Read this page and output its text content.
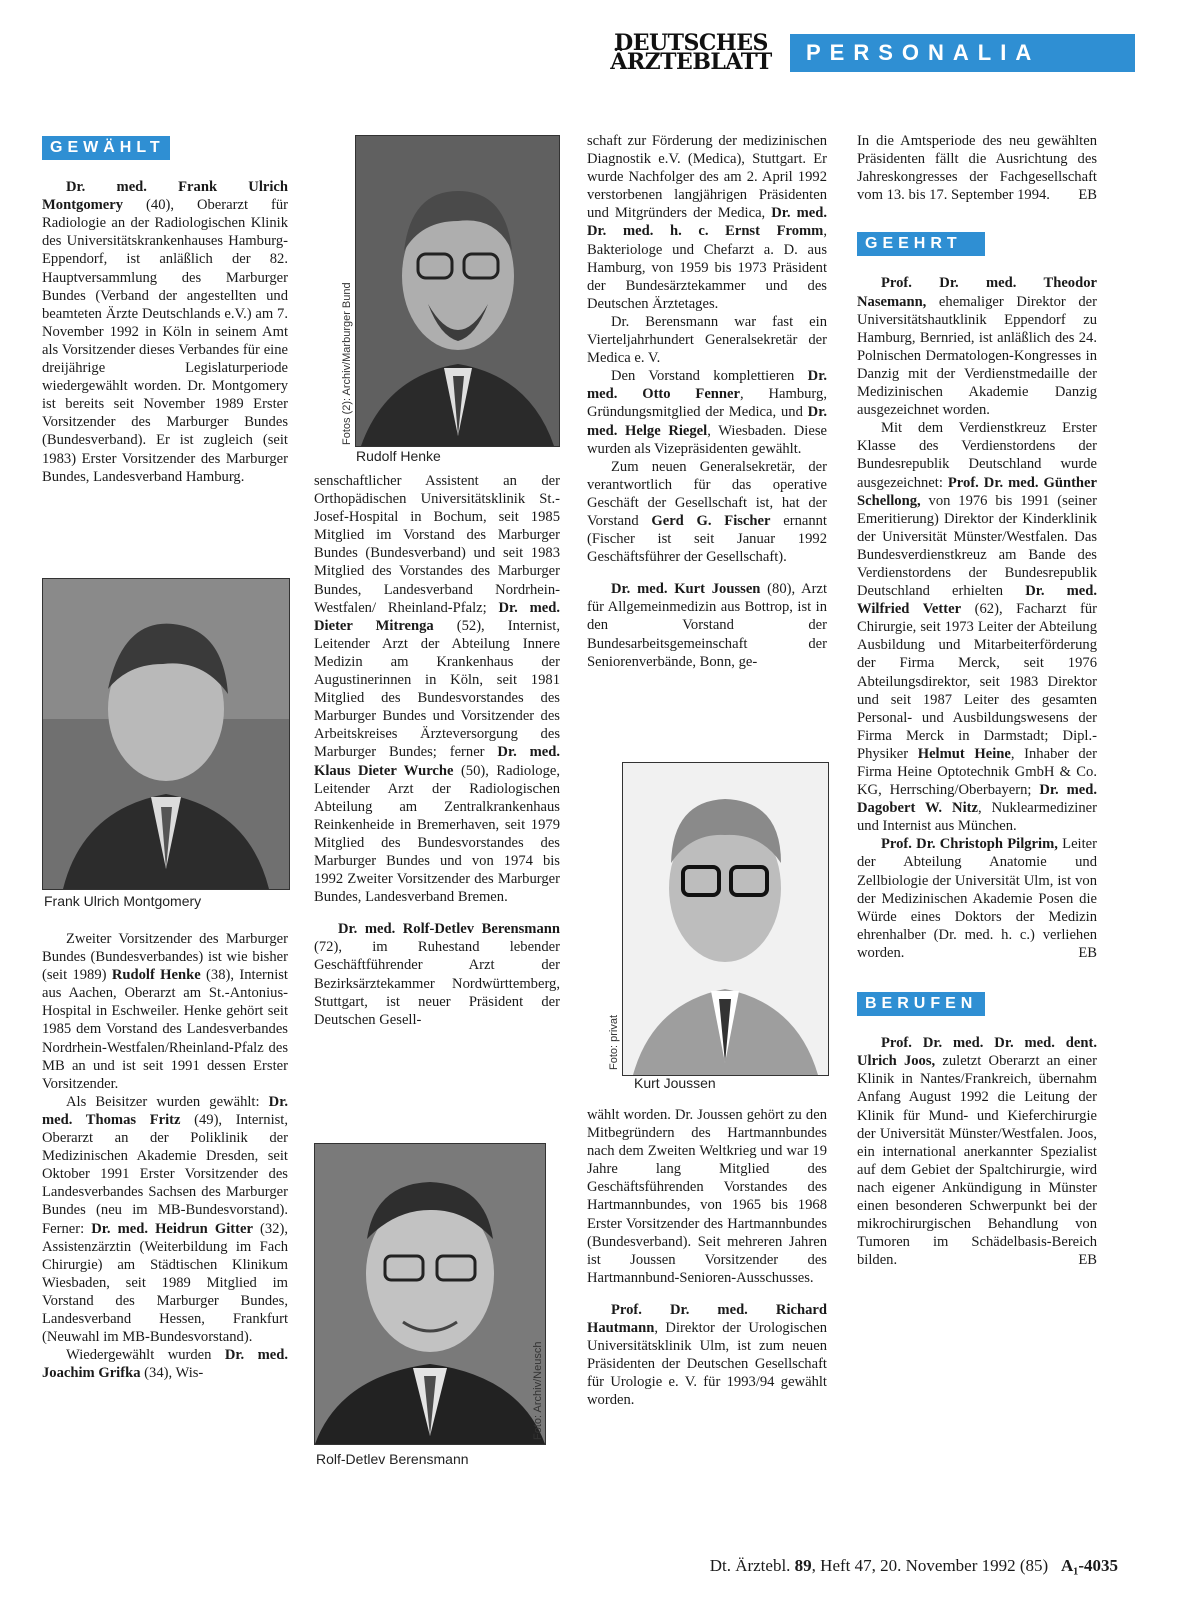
DEUTSCHES
ÄRZTEBLATT	PERSONALIA
GEWÄHLT

Dr. med. Frank Ulrich Montgomery (40), Oberarzt für Radiologie an der Radiologischen Klinik des Universitätskrankenhauses Hamburg-Eppendorf, ist anläßlich der 82. Hauptversammlung des Marburger Bundes (Verband der angestellten und beamteten Ärzte Deutschlands e.V.) am 7. November 1992 in Köln in seinem Amt als Vorsitzender dieses Verbandes für eine dreijährige Legislaturperiode wiedergewählt worden. Dr. Montgomery ist bereits seit November 1989 Erster Vorsitzender des Marburger Bundes (Bundesverband). Er ist zugleich (seit 1983) Erster Vorsitzender des Marburger Bundes, Landesverband Hamburg.

Frank Ulrich Montgomery

Zweiter Vorsitzender des Marburger Bundes (Bundesverbandes) ist wie bisher (seit 1989) Rudolf Henke (38), Internist aus Aachen, Oberarzt am St.-Antonius-Hospital in Eschweiler. Henke gehört seit 1985 dem Vorstand des Landesverbandes Nordrhein-Westfalen/Rheinland-Pfalz des MB an und ist seit 1991 dessen Erster Vorsitzender.

Als Beisitzer wurden gewählt: Dr. med. Thomas Fritz (49), Internist, Oberarzt an der Poliklinik der Medizinischen Akademie Dresden, seit Oktober 1991 Erster Vorsitzender des Landesverbandes Sachsen des Marburger Bundes (neu im MB-Bundesvorstand). Ferner: Dr. med. Heidrun Gitter (32), Assistenzärztin (Weiterbildung im Fach Chirurgie) am Städtischen Klinikum Wiesbaden, seit 1989 Mitglied im Vorstand des Marburger Bundes, Landesverband Hessen, Frankfurt (Neuwahl im MB-Bundesvorstand).

Wiedergewählt wurden Dr. med. Joachim Grifka (34), Wis-

Fotos (2): Archiv/Marburger Bund
Rudolf Henke

senschaftlicher Assistent an der Orthopädischen Universitätsklinik St.-Josef-Hospital in Bochum, seit 1985 Mitglied im Vorstand des Marburger Bundes (Bundesverband) und seit 1983 Mitglied des Vorstandes des Marburger Bundes, Landesverband Nordrhein-Westfalen/ Rheinland-Pfalz; Dr. med. Dieter Mitrenga (52), Internist, Leitender Arzt der Abteilung Innere Medizin am Krankenhaus der Augustinerinnen in Köln, seit 1981 Mitglied des Bundesvorstandes des Marburger Bundes und Vorsitzender des Arbeitskreises Ärzteversorgung des Marburger Bundes; ferner Dr. med. Klaus Dieter Wurche (50), Radiologe, Leitender Arzt der Radiologischen Abteilung am Zentralkrankenhaus Reinkenheide in Bremerhaven, seit 1979 Mitglied des Bundesvorstandes des Marburger Bundes und von 1974 bis 1992 Zweiter Vorsitzender des Marburger Bundes, Landesverband Bremen.

Dr. med. Rolf-Detlev Berensmann (72), im Ruhestand lebender Geschäftführender Arzt der Bezirksärztekammer Nordwürttemberg, Stuttgart, ist neuer Präsident der Deutschen Gesell-

Foto: Archiv/Neusch
Rolf-Detlev Berensmann

schaft zur Förderung der medizinischen Diagnostik e.V. (Medica), Stuttgart. Er wurde Nachfolger des am 2. April 1992 verstorbenen langjährigen Präsidenten und Mitgründers der Medica, Dr. med. Dr. med. h. c. Ernst Fromm, Bakteriologe und Chefarzt a. D. aus Hamburg, von 1959 bis 1973 Präsident der Bundesärztekammer und des Deutschen Ärztetages.

Dr. Berensmann war fast ein Vierteljahrhundert Generalsekretär der Medica e. V.

Den Vorstand komplettieren Dr. med. Otto Fenner, Hamburg, Gründungsmitglied der Medica, und Dr. med. Helge Riegel, Wiesbaden. Diese wurden als Vizepräsidenten gewählt.

Zum neuen Generalsekretär, der verantwortlich für das operative Geschäft der Gesellschaft ist, hat der Vorstand Gerd G. Fischer ernannt (Fischer ist seit Januar 1992 Geschäftsführer der Gesellschaft).

Dr. med. Kurt Joussen (80), Arzt für Allgemeinmedizin aus Bottrop, ist in den Vorstand der Bundesarbeitsgemeinschaft der Seniorenverbände, Bonn, ge-

Foto: privat
Kurt Joussen

wählt worden. Dr. Joussen gehört zu den Mitbegründern des Hartmannbundes nach dem Zweiten Weltkrieg und war 19 Jahre lang Mitglied des Geschäftsführenden Vorstandes des Hartmannbundes, von 1965 bis 1968 Erster Vorsitzender des Hartmannbundes (Bundesverband). Seit mehreren Jahren ist Joussen Vorsitzender des Hartmannbund-Senioren-Ausschusses.

Prof. Dr. med. Richard Hautmann, Direktor der Urologischen Universitätsklinik Ulm, ist zum neuen Präsidenten der Deutschen Gesellschaft für Urologie e. V. für 1993/94 gewählt worden.

In die Amtsperiode des neu gewählten Präsidenten fällt die Ausrichtung des Jahreskongresses der Fachgesellschaft vom 13. bis 17. September 1994. EB

GEEHRT

Prof. Dr. med. Theodor Nasemann, ehemaliger Direktor der Universitätshautklinik Eppendorf zu Hamburg, Bernried, ist anläßlich des 24. Polnischen Dermatologen-Kongresses in Danzig mit der Verdienstmedaille der Medizinischen Akademie Danzig ausgezeichnet worden.

Mit dem Verdienstkreuz Erster Klasse des Verdienstordens der Bundesrepublik Deutschland wurde ausgezeichnet: Prof. Dr. med. Günther Schellong, von 1976 bis 1991 (seiner Emeritierung) Direktor der Kinderklinik der Universität Münster/Westfalen. Das Bundesverdienstkreuz am Bande des Verdienstordens der Bundesrepublik Deutschland erhielten Dr. med. Wilfried Vetter (62), Facharzt für Chirurgie, seit 1973 Leiter der Abteilung Ausbildung und Mitarbeiterförderung der Firma Merck, seit 1976 Abteilungsdirektor, seit 1983 Direktor und seit 1987 Leiter des gesamten Personal- und Ausbildungswesens der Firma Merck in Darmstadt; Dipl.-Physiker Helmut Heine, Inhaber der Firma Heine Optotechnik GmbH & Co. KG, Herrsching/Oberbayern; Dr. med. Dagobert W. Nitz, Nuklearmediziner und Internist aus München.

Prof. Dr. Christoph Pilgrim, Leiter der Abteilung Anatomie und Zellbiologie der Universität Ulm, ist von der Medizinischen Akademie Posen die Würde eines Doktors der Medizin ehrenhalber (Dr. med. h. c.) verliehen worden.	EB

BERUFEN

Prof. Dr. med. Dr. med. dent. Ulrich Joos, zuletzt Oberarzt an einer Klinik in Nantes/Frankreich, übernahm Anfang August 1992 die Leitung der Klinik für Mund- und Kieferchirurgie der Universität Münster/Westfalen. Joos, ein international anerkannter Spezialist auf dem Gebiet der Spaltchirurgie, wird nach eigener Ankündigung in Münster einen besonderen Schwerpunkt bei der mikrochirurgischen Behandlung von Tumoren im Schädelbasis-Bereich bilden.	EB

Dt. Ärztebl. 89, Heft 47, 20. November 1992 (85) A₁-4035
